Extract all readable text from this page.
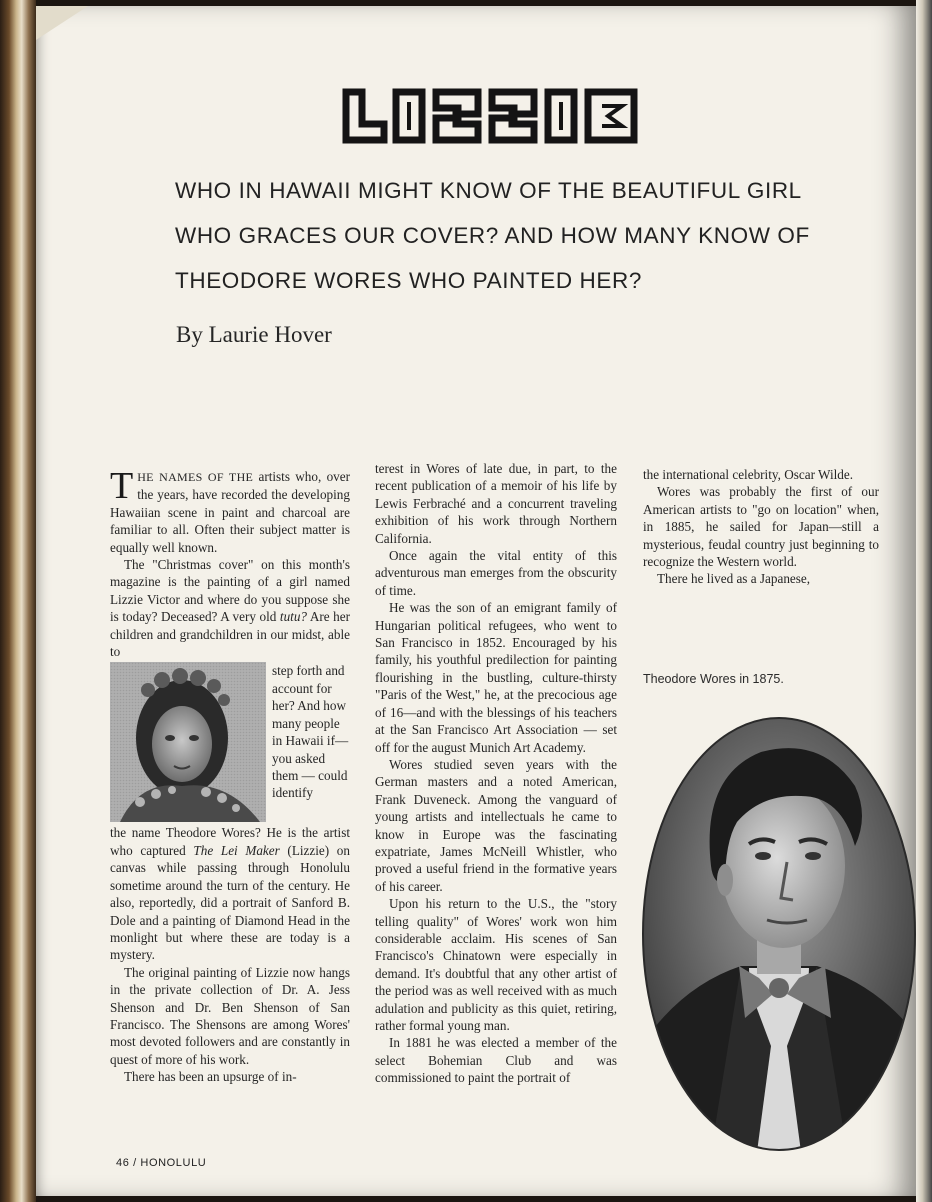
WHO IN HAWAII MIGHT KNOW OF THE BEAUTIFUL GIRL WHO GRACES OUR COVER? AND HOW MANY KNOW OF THEODORE WORES WHO PAINTED HER?

By Laurie Hover

THE NAMES OF THE artists who, over the years, have recorded the developing Hawaiian scene in paint and charcoal are familiar to all. Often their subject matter is equally well known.

The "Christmas cover" on this month's magazine is the painting of a girl named Lizzie Victor and where do you suppose she is today? Deceased? A very old tutu? Are her children and grandchildren in our midst, able to

step forth and account for her? And how many people in Hawaii if— you asked them — could identify

the name Theodore Wores? He is the artist who captured The Lei Maker (Lizzie) on canvas while passing through Honolulu sometime around the turn of the century. He also, reportedly, did a portrait of Sanford B. Dole and a painting of Diamond Head in the monlight but where these are today is a mystery.

The original painting of Lizzie now hangs in the private collection of Dr. A. Jess Shenson and Dr. Ben Shenson of San Francisco. The Shensons are among Wores' most devoted followers and are constantly in quest of more of his work.

There has been an upsurge of in-

terest in Wores of late due, in part, to the recent publication of a memoir of his life by Lewis Ferbraché and a concurrent traveling exhibition of his work through Northern California.

Once again the vital entity of this adventurous man emerges from the obscurity of time.

He was the son of an emigrant family of Hungarian political refugees, who went to San Francisco in 1852. Encouraged by his family, his youthful predilection for painting flourishing in the bustling, culture-thirsty "Paris of the West," he, at the precocious age of 16—and with the blessings of his teachers at the San Francisco Art Association — set off for the august Munich Art Academy.

Wores studied seven years with the German masters and a noted American, Frank Duveneck. Among the vanguard of young artists and intellectuals he came to know in Europe was the fascinating expatriate, James McNeill Whistler, who proved a useful friend in the formative years of his career.

Upon his return to the U.S., the "story telling quality" of Wores' work won him considerable acclaim. His scenes of San Francisco's Chinatown were especially in demand. It's doubtful that any other artist of the period was as well received with as much adulation and publicity as this quiet, retiring, rather formal young man.

In 1881 he was elected a member of the select Bohemian Club and was commissioned to paint the portrait of

the international celebrity, Oscar Wilde.

Wores was probably the first of our American artists to "go on location" when, in 1885, he sailed for Japan—still a mysterious, feudal country just beginning to recognize the Western world.

There he lived as a Japanese,

Theodore Wores in 1875.

46 / HONOLULU
